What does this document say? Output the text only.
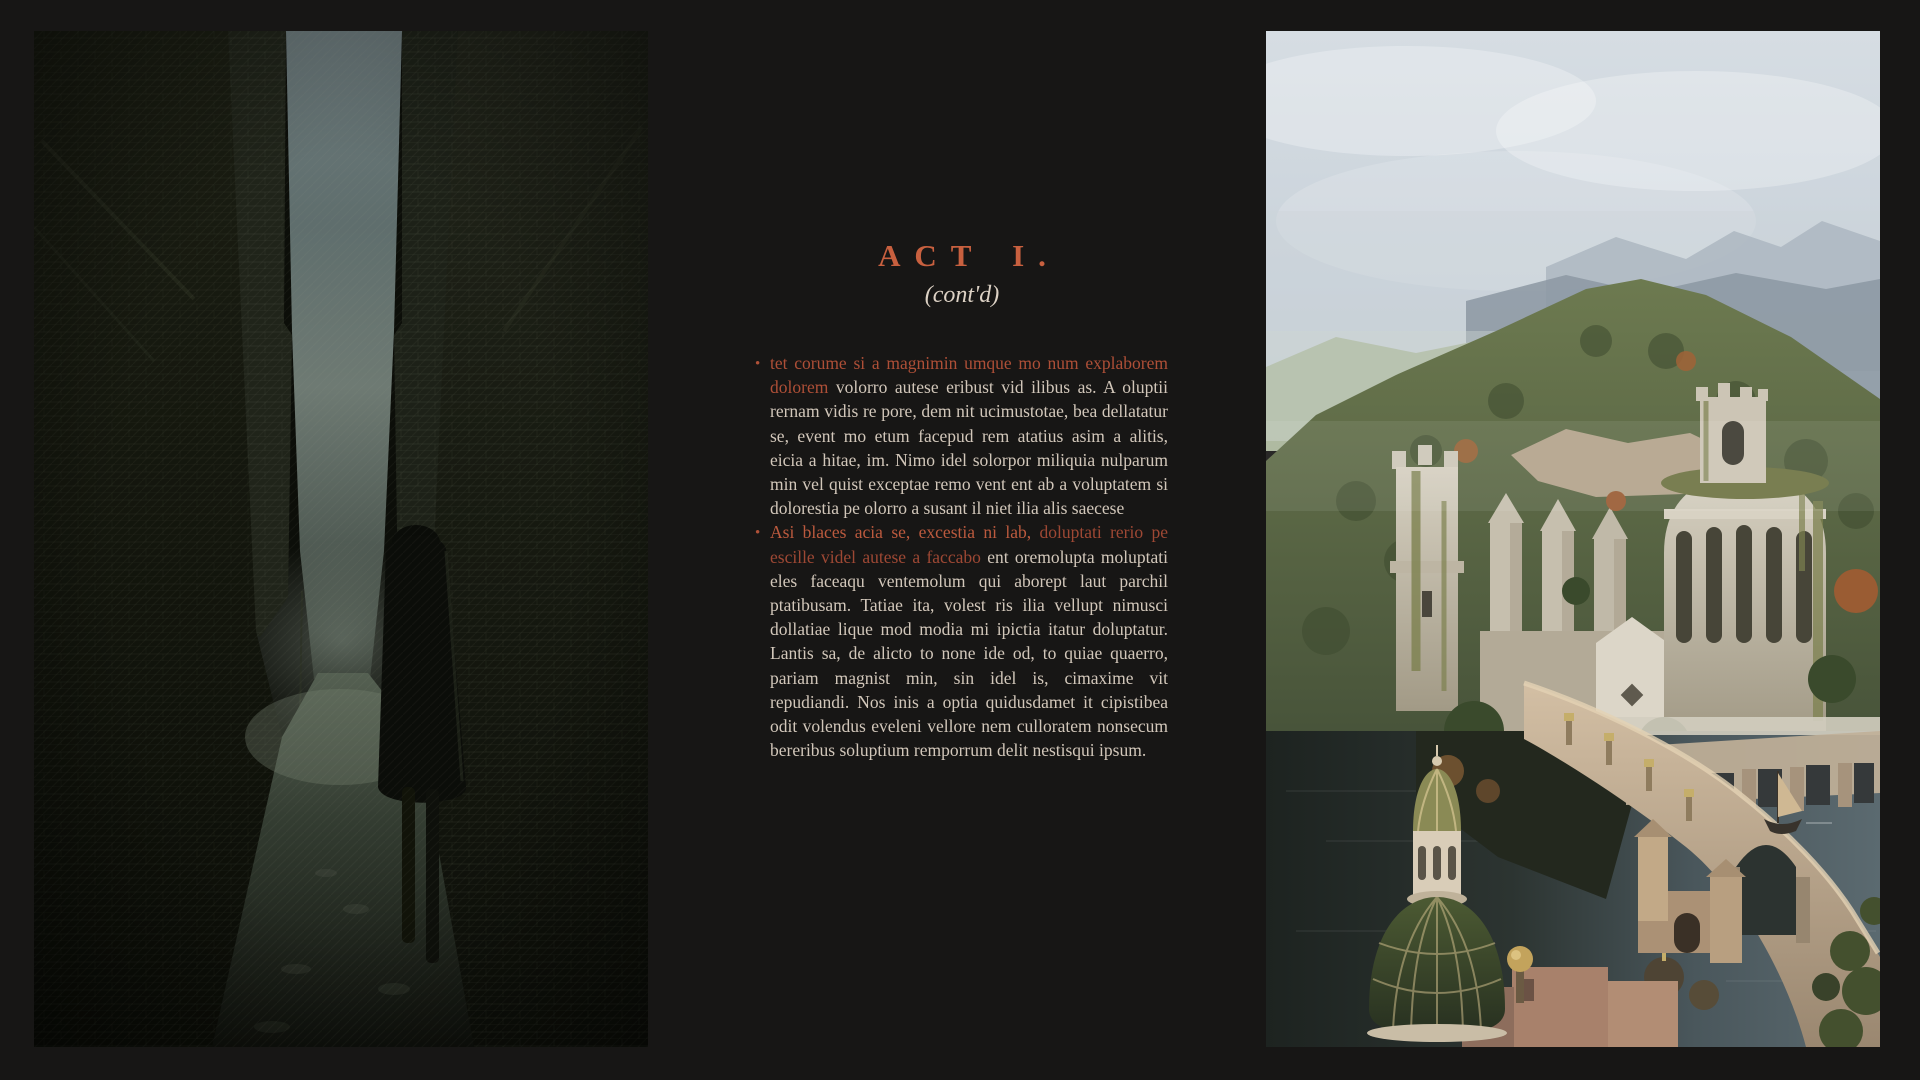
ACT I.
(cont'd)
• tet corume si a magnimin umque mo num explaborem dolorem volorro autese eribust vid ilibus as. A oluptii rernam vidis re pore, dem nit ucimustotae, bea dellatatur se, event mo etum facepud rem atatius asim a alitis, eicia a hitae, im. Nimo idel solorpor miliquia nulparum min vel quist exceptae remo vent ent ab a voluptatem si dolorestia pe olorro a susant il niet ilia alis saecese
• Asi blaces acia se, excestia ni lab, doluptati rerio pe escille videl autese a faccabo ent oremolupta moluptati eles faceaqu ventemolum qui aborept laut parchil ptatibusam. Tatiae ita, volest ris ilia vellupt nimusci dollatiae lique mod modia mi ipictia itatur doluptatur. Lantis sa, de alicto to none ide od, to quiae quaerro, pariam magnist min, sin idel is, cimaxime vit repudiandi. Nos inis a optia quidusdamet it cipistibea odit volendus eveleni vellore nem culloratem nonsecum bereribus soluptium remporrum delit nestisqui ipsum.
